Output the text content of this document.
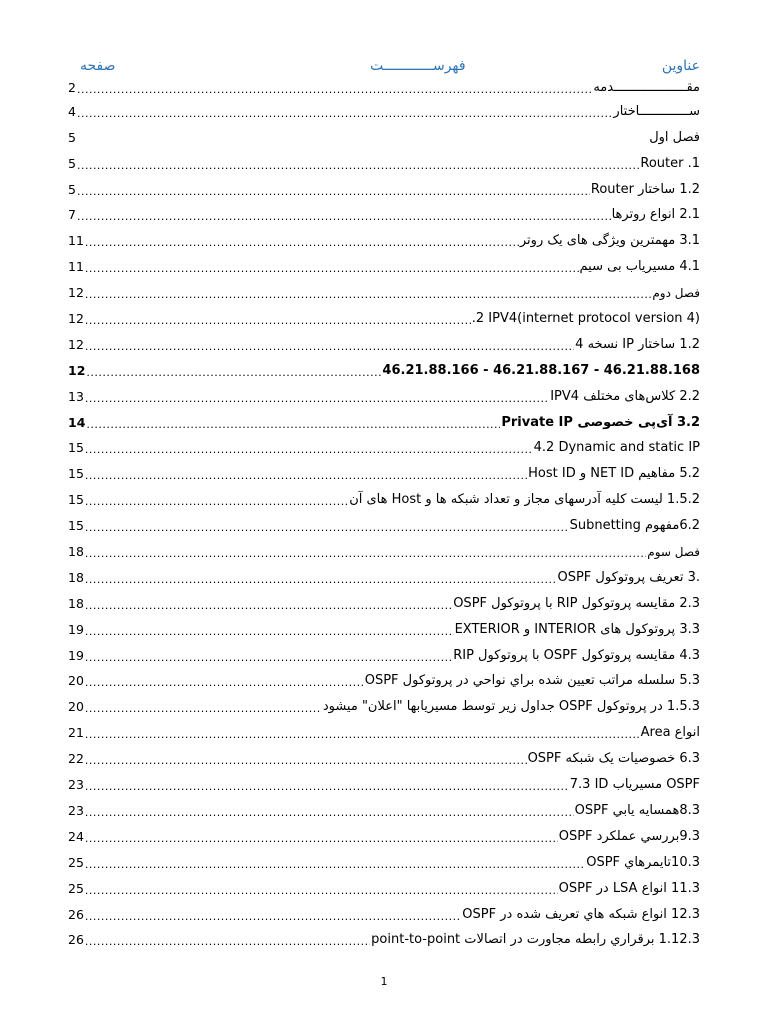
عناوين
فهرســــــــــــت
صفحه
2 .....	مقـــــــــــــــــــدمه
4 .....	ســـــــــــــاختار
5	فصل اول
5 .....	Router .1
5 .....	1.2 ساختار Router
7 .....	2.1 انواع روترها
11 .....	3.1 مهمترين ويژگی های يک روتر
11 .....	4.1 مسيرياب بی سيم
12 .....	فصل دوم
12 .....	.2 IPV4(internet protocol version 4)
12 .....	1.2 ساختار IP نسخه 4
12 .....	46.21.88.166 - 46.21.88.167 - 46.21.88.168
13 .....	2.2 کلاس‌های مختلف IPV4
14 .....	3.2 آی‌پی خصوصی Private IP
15 .....	4.2 Dynamic and static IP
15 .....	5.2 مفاهيم NET ID و Host ID
15 .....	1.5.2 ليست کليه آدرسهای مجاز و تعداد شبکه ها و Host های آن
15 .....	6.2مفهوم Subnetting
18 .....	فصل سوم
18 .....	.3 تعريف پروتوکول OSPF
18 .....	2.3 مقايسه پروتوکول RIP با پروتوکول OSPF
19 .....	3.3 پروتوکول های INTERIOR و EXTERIOR
19 .....	4.3 مقايسه پروتوکول OSPF با پروتوکول RIP
20 .....	5.3 سلسله مراتب تعيين شده براي نواحي در پروتوكول OSPF
20 .....	1.5.3 در پروتوکول OSPF جداول زير توسط مسيريابها "اعلان" ميشود
21 .....	انواع Area
22 .....	6.3 خصوصيات يک شبکه OSPF
23 .....	7.3 ID مسيرياب OSPF
23 .....	8.3همسايه يابي OSPF
24 .....	9.3بررسي عملكرد OSPF
25 .....	10.3تايمرهاي OSPF
25 .....	11.3 انواع LSA در OSPF
26 .....	12.3 انواع شبكه هاي تعريف شده در OSPF
26 .....	1.12.3 برقراري رابطه مجاورت در اتصالات point-to-point
1
